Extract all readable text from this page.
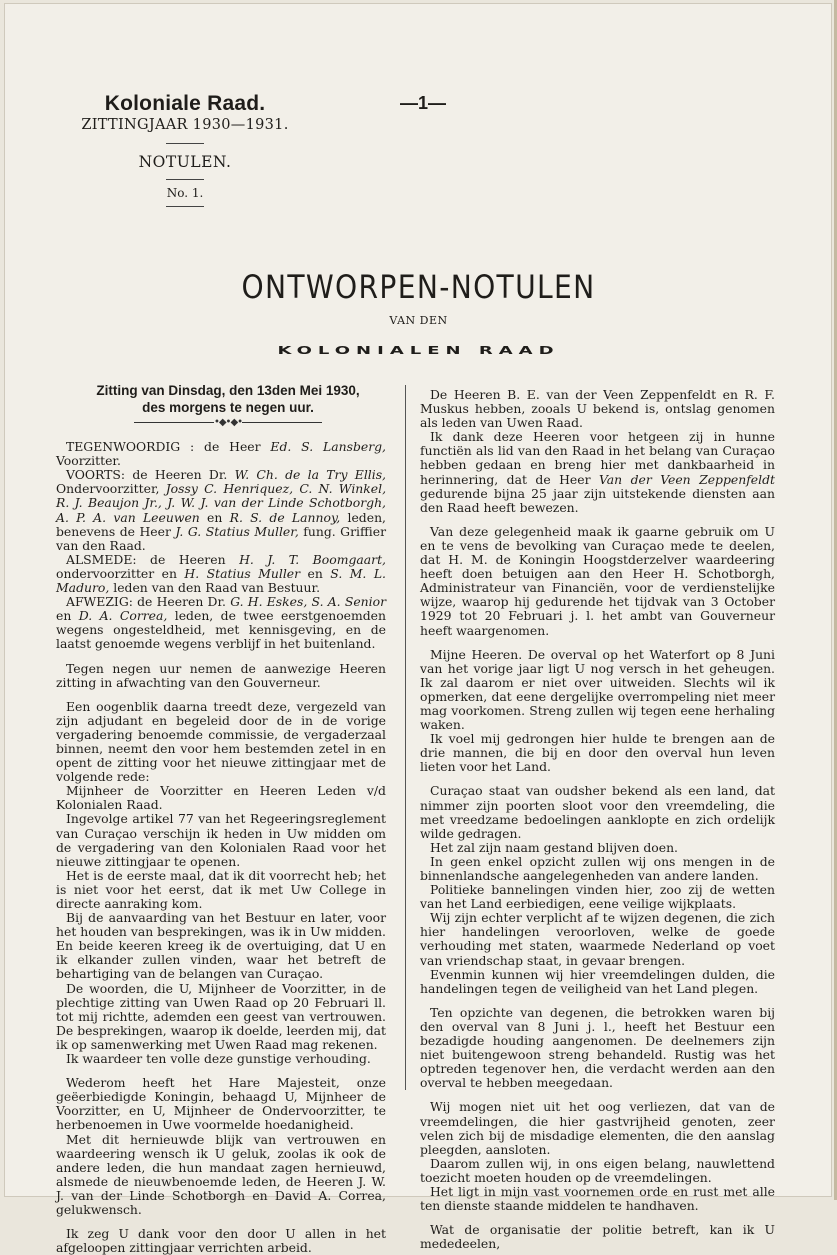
Koloniale Raad.
ZITTINGJAAR 1930—1931.
NOTULEN.
No. 1.
—1—
ONTWORPEN-NOTULEN
VAN DEN
KOLONIALEN RAAD
Zitting van Dinsdag, den 13den Mei 1930,
des morgens te negen uur.
•◆•◆•

TEGENWOORDIG : de Heer Ed. S. Lansberg, Voorzitter.

VOORTS: de Heeren Dr. W. Ch. de la Try Ellis, Ondervoorzitter, Jossy C. Henriquez, C. N. Winkel, R. J. Beaujon Jr., J. W. J. van der Linde Schotborgh, A. P. A. van Leeuwen en R. S. de Lannoy, leden, benevens de Heer J. G. Statius Muller, fung. Griffier van den Raad.

ALSMEDE: de Heeren H. J. T. Boomgaart, ondervoorzitter en H. Statius Muller en S. M. L. Maduro, leden van den Raad van Bestuur.

AFWEZIG: de Heeren Dr. G. H. Eskes, S. A. Senior en D. A. Correa, leden, de twee eerstgenoemden wegens ongesteldheid, met kennisgeving, en de laatst genoemde wegens verblijf in het buitenland.

Tegen negen uur nemen de aanwezige Heeren zitting in afwachting van den Gouverneur.

Een oogenblik daarna treedt deze, vergezeld van zijn adjudant en begeleid door de in de vorige vergadering benoemde commissie, de vergaderzaal binnen, neemt den voor hem bestemden zetel in en opent de zitting voor het nieuwe zittingjaar met de volgende rede:

Mijnheer de Voorzitter en Heeren Leden v/d Kolonialen Raad.

Ingevolge artikel 77 van het Regeeringsreglement van Curaçao verschijn ik heden in Uw midden om de vergadering van den Kolonialen Raad voor het nieuwe zittingjaar te openen.

Het is de eerste maal, dat ik dit voorrecht heb; het is niet voor het eerst, dat ik met Uw College in directe aanraking kom.

Bij de aanvaarding van het Bestuur en later, voor het houden van besprekingen, was ik in Uw midden. En beide keeren kreeg ik de overtuiging, dat U en ik elkander zullen vinden, waar het betreft de behartiging van de belangen van Curaçao.

De woorden, die U, Mijnheer de Voorzitter, in de plechtige zitting van Uwen Raad op 20 Februari ll. tot mij richtte, ademden een geest van vertrouwen. De besprekingen, waarop ik doelde, leerden mij, dat ik op samenwerking met Uwen Raad mag rekenen.

Ik waardeer ten volle deze gunstige verhouding.

Wederom heeft het Hare Majesteit, onze geëerbiedigde Koningin, behaagd U, Mijnheer de Voorzitter, en U, Mijnheer de Ondervoorzitter, te herbenoemen in Uwe voormelde hoedanigheid.

Met dit hernieuwde blijk van vertrouwen en waardeering wensch ik U geluk, zoolas ik ook de andere leden, die hun mandaat zagen hernieuwd, alsmede de nieuwbenoemde leden, de Heeren J. W. J. van der Linde Schotborgh en David A. Correa, gelukwensch.

Ik zeg U dank voor den door U allen in het afgeloopen zittingjaar verrichten arbeid.

De Heeren B. E. van der Veen Zeppenfeldt en R. F. Muskus hebben, zooals U bekend is, ontslag genomen als leden van Uwen Raad.

Ik dank deze Heeren voor hetgeen zij in hunne functiën als lid van den Raad in het belang van Curaçao hebben gedaan en breng hier met dankbaarheid in herinnering, dat de Heer Van der Veen Zeppenfeldt gedurende bijna 25 jaar zijn uitstekende diensten aan den Raad heeft bewezen.

Van deze gelegenheid maak ik gaarne gebruik om U en te vens de bevolking van Curaçao mede te deelen, dat H. M. de Koningin Hoogstderzelver waardeering heeft doen betuigen aan den Heer H. Schotborgh, Administrateur van Financiën, voor de verdienstelijke wijze, waarop hij gedurende het tijdvak van 3 October 1929 tot 20 Februari j. l. het ambt van Gouverneur heeft waargenomen.

Mijne Heeren. De overval op het Waterfort op 8 Juni van het vorige jaar ligt U nog versch in het geheugen. Ik zal daarom er niet over uitweiden. Slechts wil ik opmerken, dat eene dergelijke overrompeling niet meer mag voorkomen. Streng zullen wij tegen eene herhaling waken.

Ik voel mij gedrongen hier hulde te brengen aan de drie mannen, die bij en door den overval hun leven lieten voor het Land.

Curaçao staat van oudsher bekend als een land, dat nimmer zijn poorten sloot voor den vreemdeling, die met vreedzame bedoelingen aanklopte en zich ordelijk wilde gedragen.

Het zal zijn naam gestand blijven doen.

In geen enkel opzicht zullen wij ons mengen in de binnenlandsche aangelegenheden van andere landen.

Politieke bannelingen vinden hier, zoo zij de wetten van het Land eerbiedigen, eene veilige wijkplaats.

Wij zijn echter verplicht af te wijzen degenen, die zich hier handelingen veroorloven, welke de goede verhouding met staten, waarmede Nederland op voet van vriendschap staat, in gevaar brengen.

Evenmin kunnen wij hier vreemdelingen dulden, die handelingen tegen de veiligheid van het Land plegen.

Ten opzichte van degenen, die betrokken waren bij den overval van 8 Juni j. l., heeft het Bestuur een bezadigde houding aangenomen. De deelnemers zijn niet buitengewoon streng behandeld. Rustig was het optreden tegenover hen, die verdacht werden aan den overval te hebben meegedaan.

Wij mogen niet uit het oog verliezen, dat van de vreemdelingen, die hier gastvrijheid genoten, zeer velen zich bij de misdadige elementen, die den aanslag pleegden, aansloten.

Daarom zullen wij, in ons eigen belang, nauwlettend toezicht moeten houden op de vreemdelingen.

Het ligt in mijn vast voornemen orde en rust met alle ten dienste staande middelen te handhaven.

Wat de organisatie der politie betreft, kan ik U mededeelen,
